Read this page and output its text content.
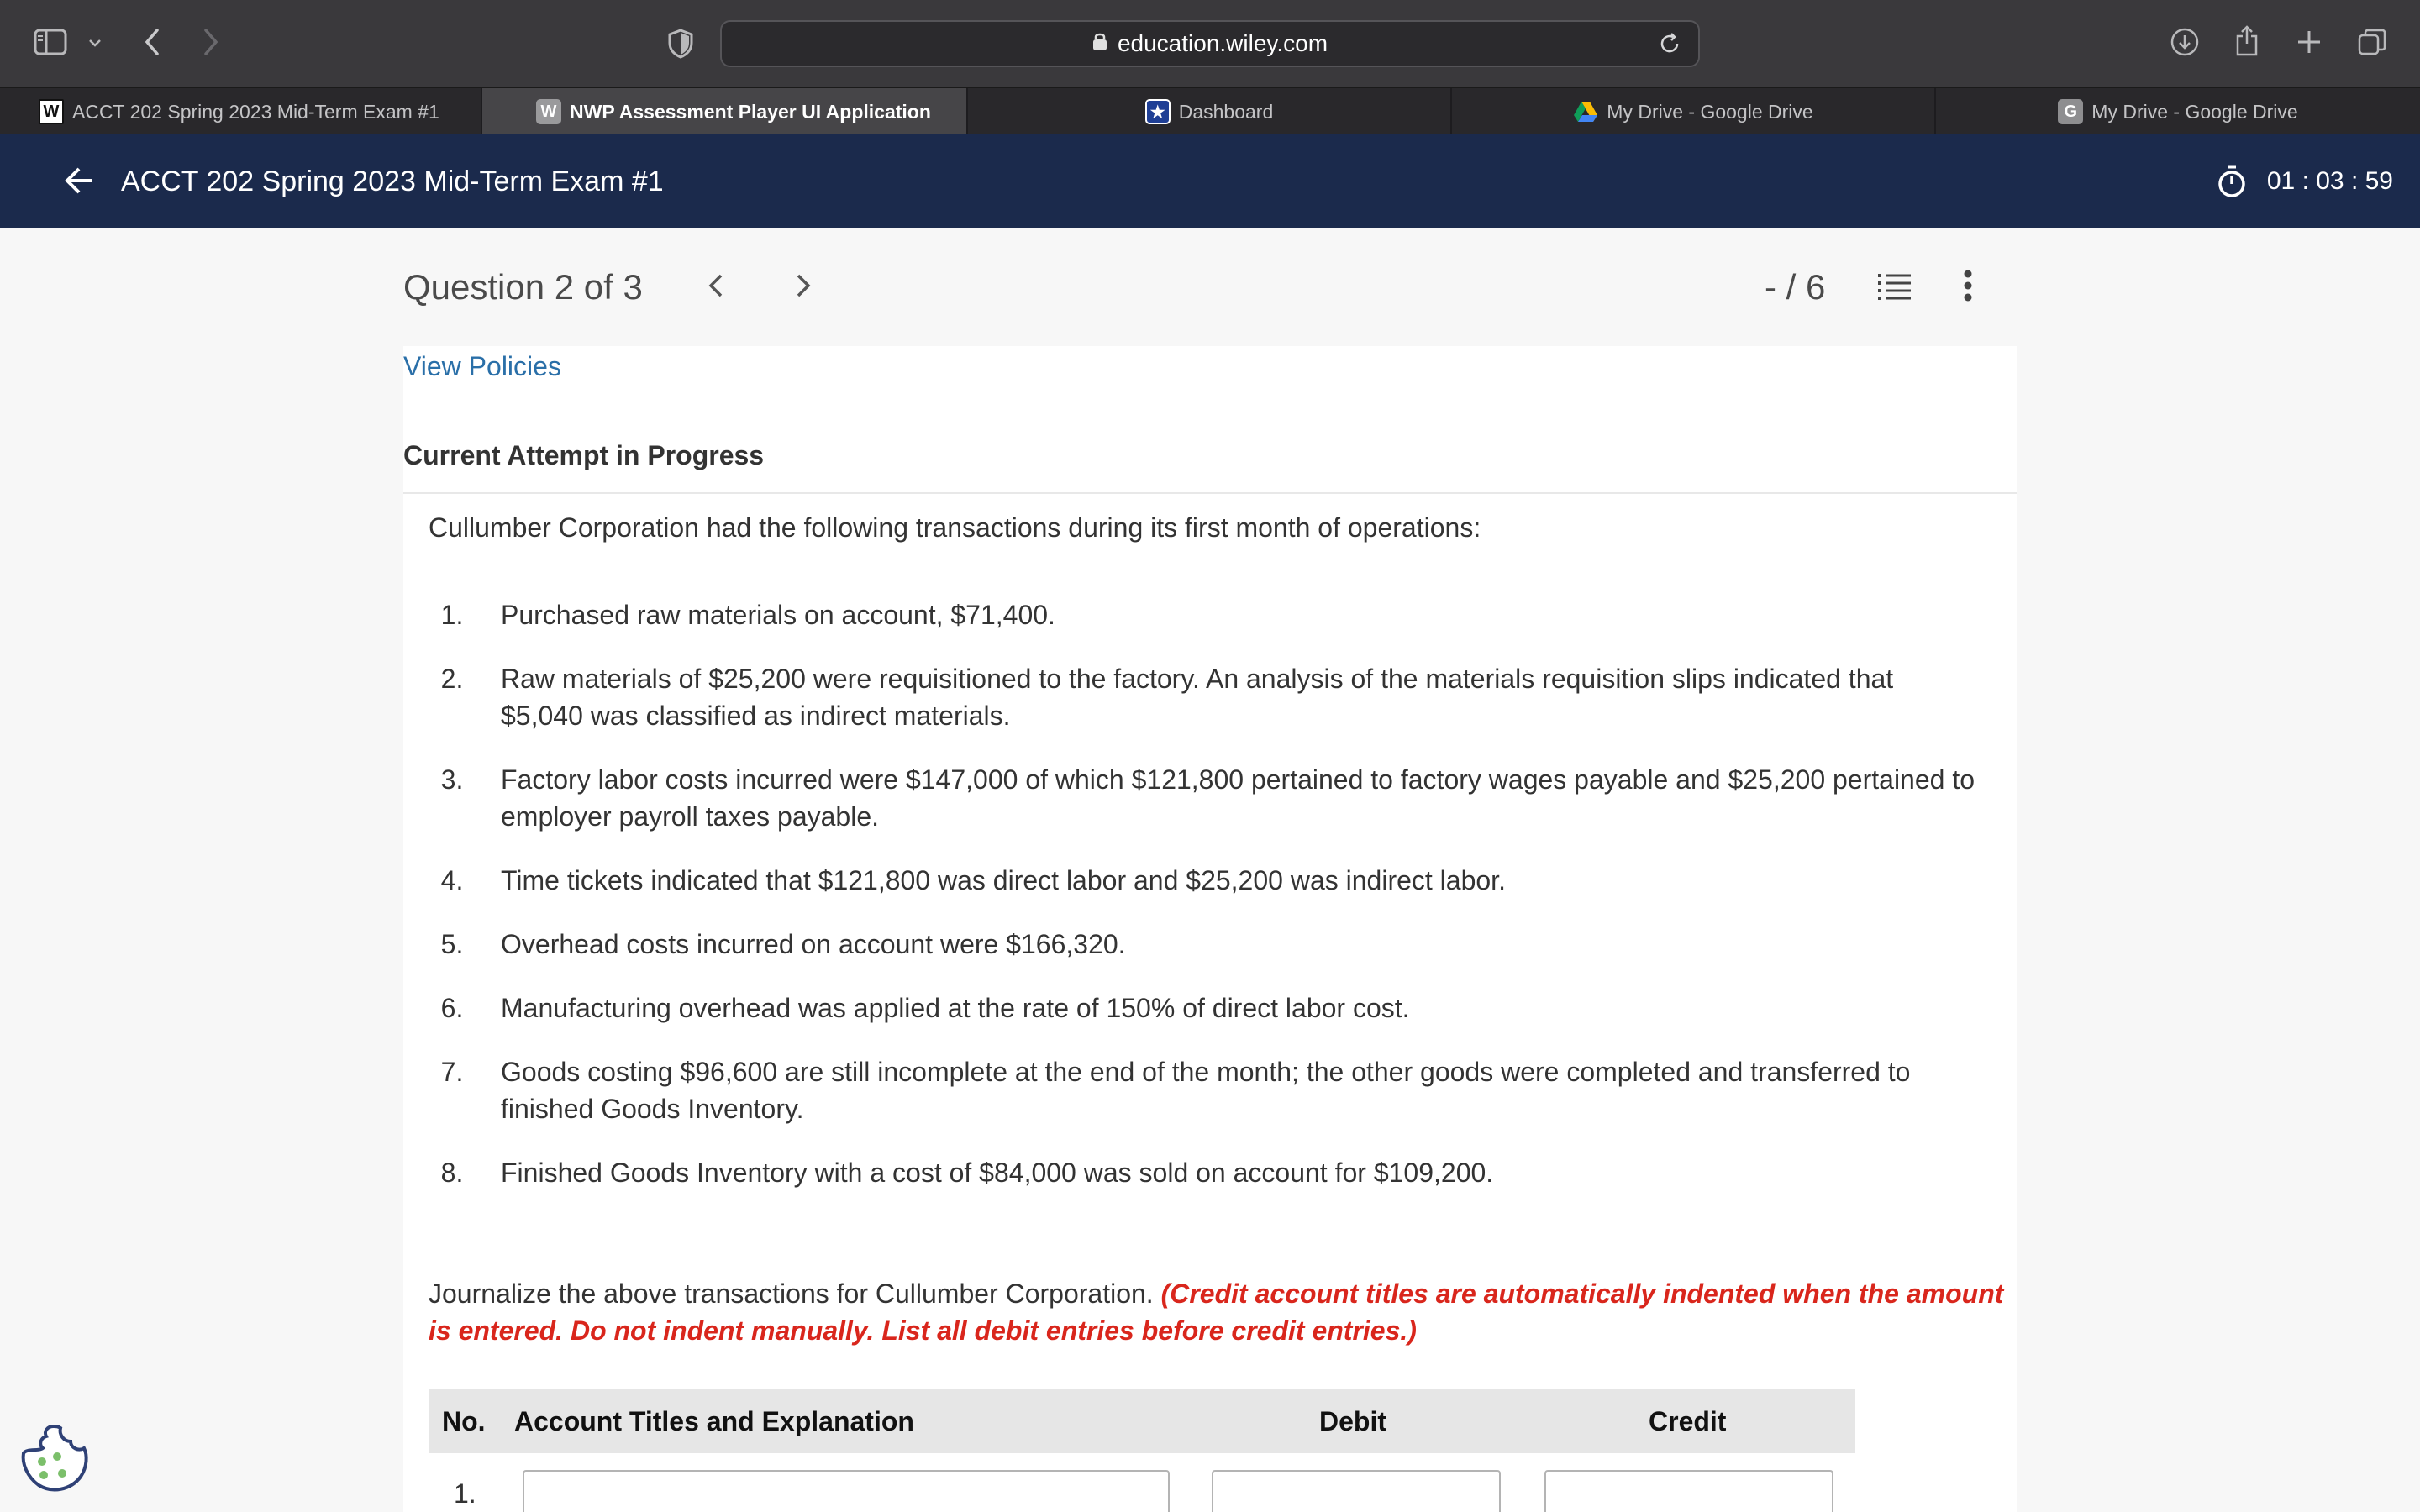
education.wiley.com
W ACCT 202 Spring 2023 Mid-Term Exam #1	W NWP Assessment Player UI Application	★ Dashboard	My Drive - Google Drive	G My Drive - Google Drive
ACCT 202 Spring 2023 Mid-Term Exam #1	01 : 03 : 59
Question 2 of 3	- / 6
View Policies
Current Attempt in Progress
Cullumber Corporation had the following transactions during its first month of operations:
1.	Purchased raw materials on account, $71,400.
2.	Raw materials of $25,200 were requisitioned to the factory. An analysis of the materials requisition slips indicated that $5,040 was classified as indirect materials.
3.	Factory labor costs incurred were $147,000 of which $121,800 pertained to factory wages payable and $25,200 pertained to employer payroll taxes payable.
4.	Time tickets indicated that $121,800 was direct labor and $25,200 was indirect labor.
5.	Overhead costs incurred on account were $166,320.
6.	Manufacturing overhead was applied at the rate of 150% of direct labor cost.
7.	Goods costing $96,600 are still incomplete at the end of the month; the other goods were completed and transferred to finished Goods Inventory.
8.	Finished Goods Inventory with a cost of $84,000 was sold on account for $109,200.
Journalize the above transactions for Cullumber Corporation. (Credit account titles are automatically indented when the amount is entered. Do not indent manually. List all debit entries before credit entries.)
No. Account Titles and Explanation	Debit	Credit
1.
